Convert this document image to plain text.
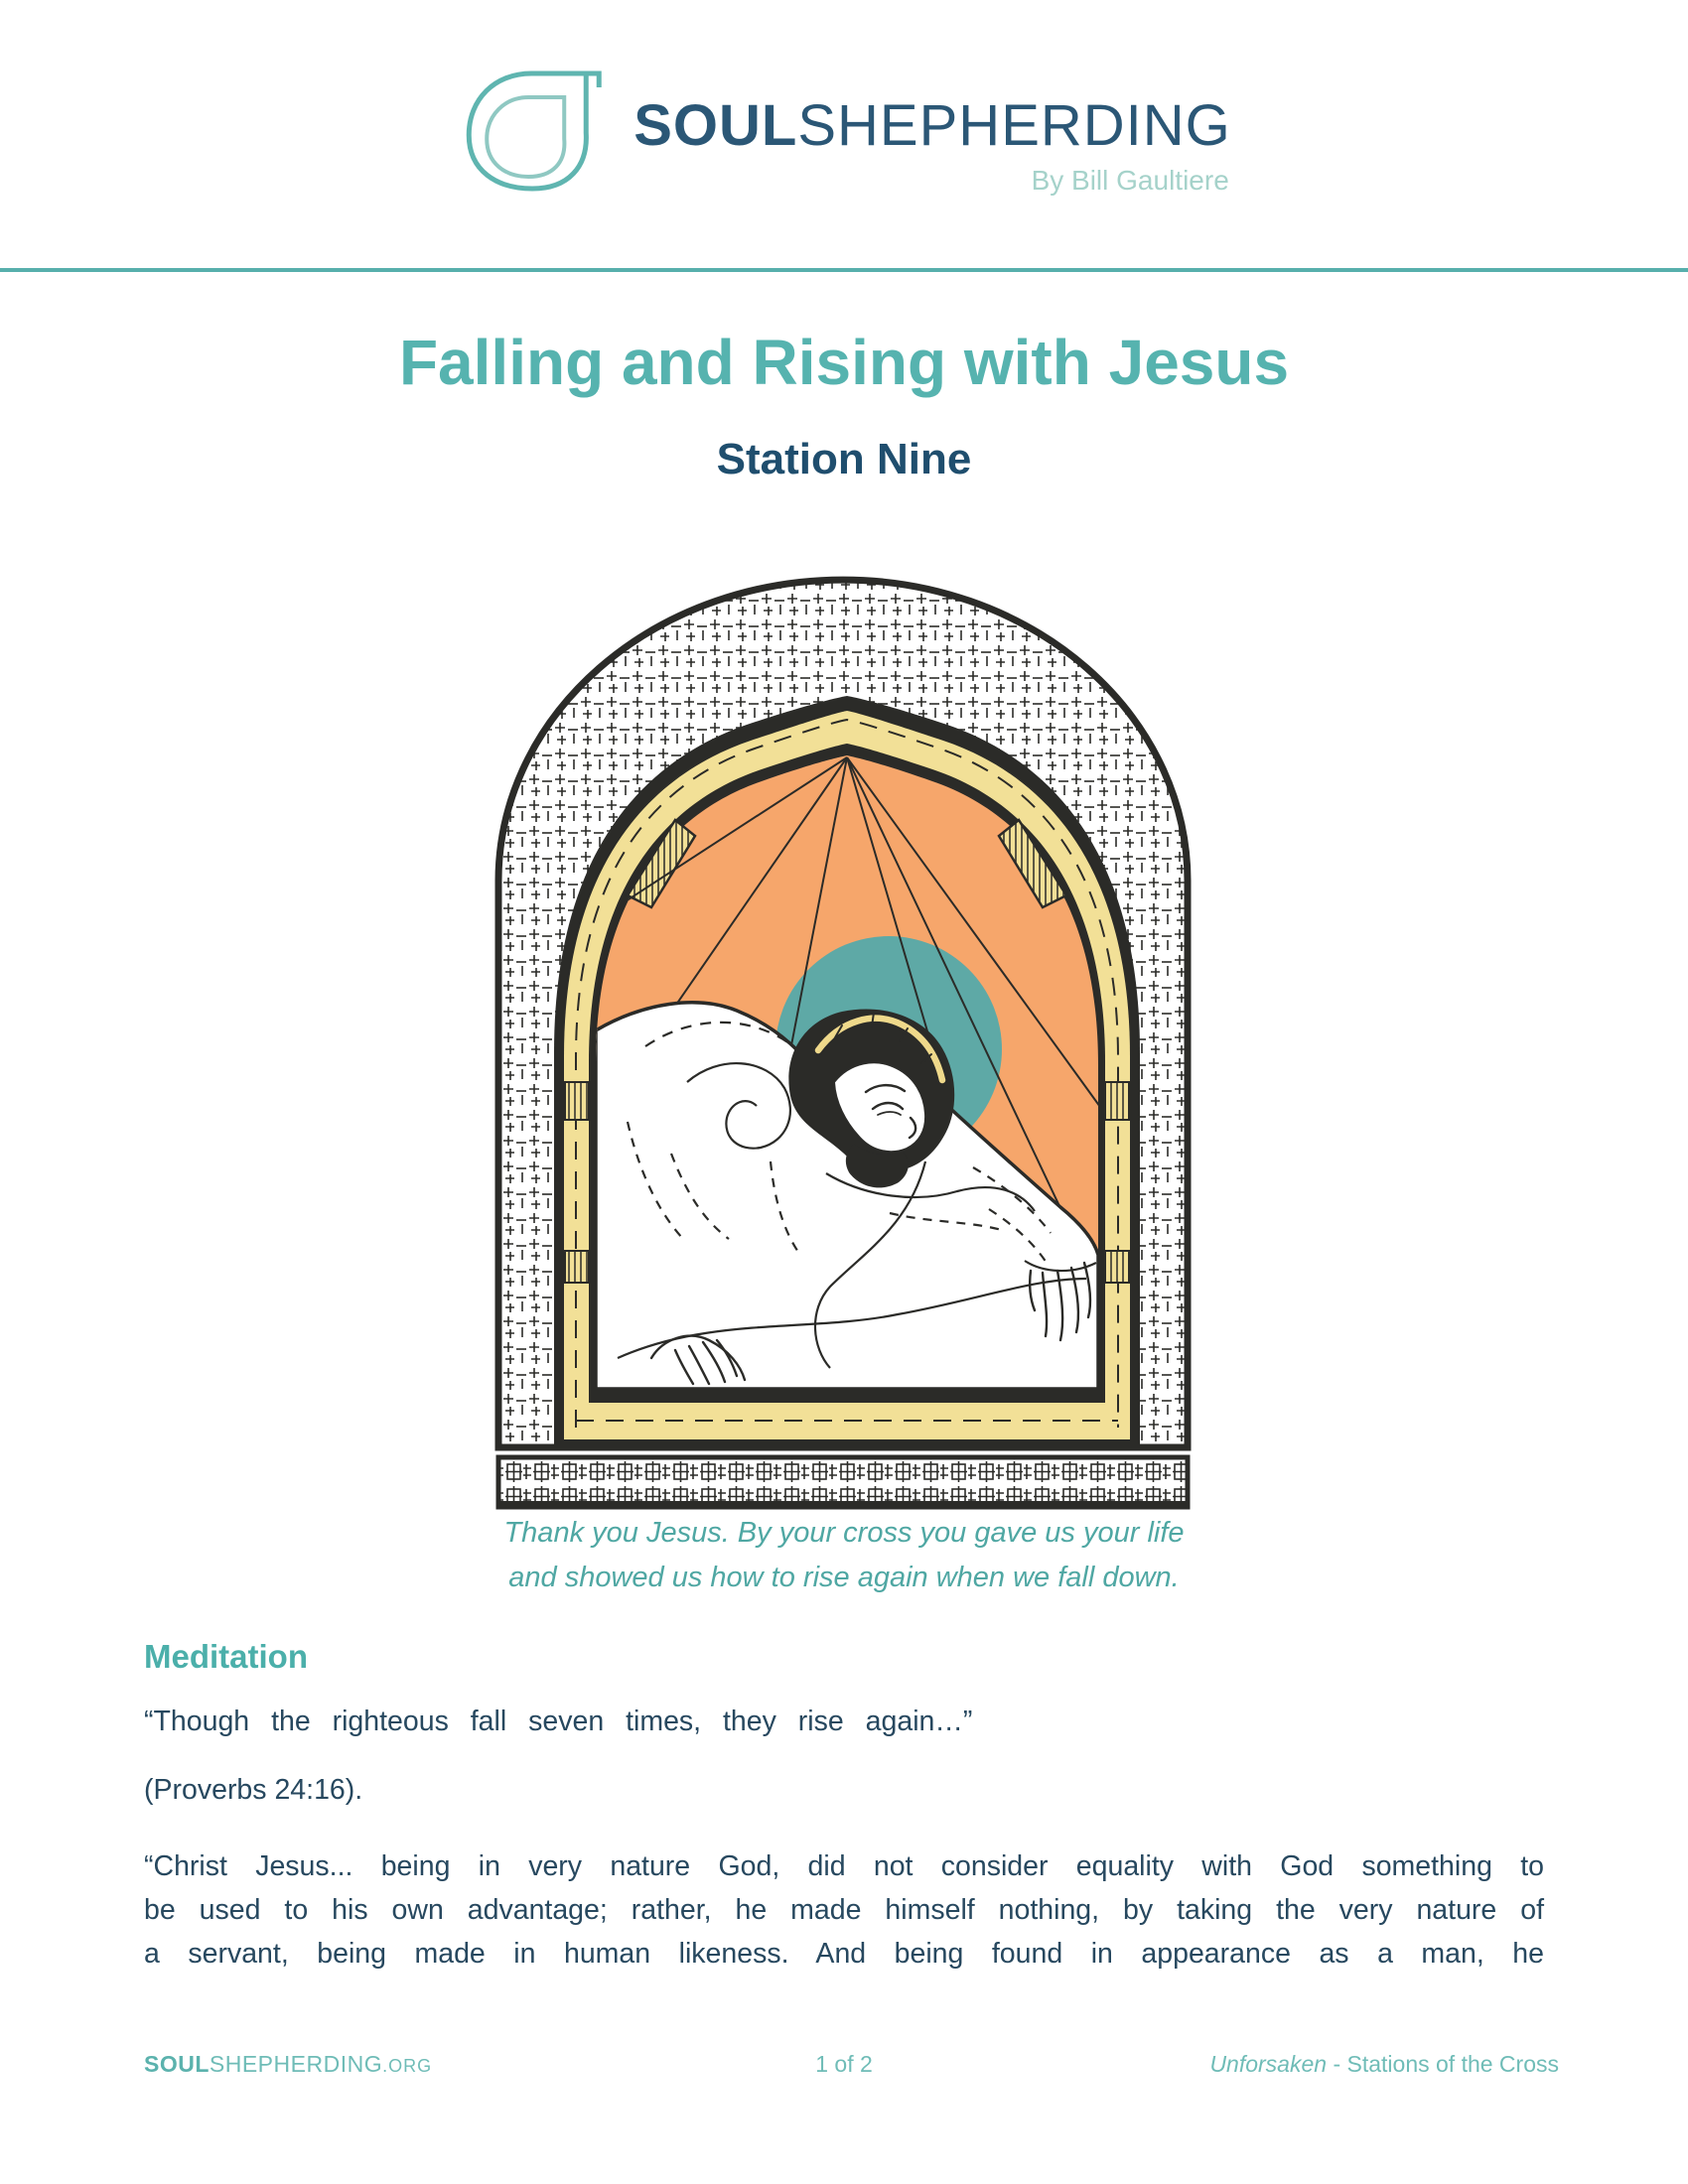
SOULSHEPHERDING
By Bill Gaultiere
Falling and Rising with Jesus
Station Nine
Thank you Jesus. By your cross you gave us your life
and showed us how to rise again when we fall down.
Meditation

“Though the righteous fall seven times, they rise again…”

(Proverbs 24:16).

“Christ Jesus... being in very nature God, did not consider equality with God something to
be used to his own advantage; rather, he made himself nothing, by taking the very nature of
a servant, being made in human likeness. And being found in appearance as a man, he
SOULSHEPHERDING.ORG	1 of 2	Unforsaken - Stations of the Cross
